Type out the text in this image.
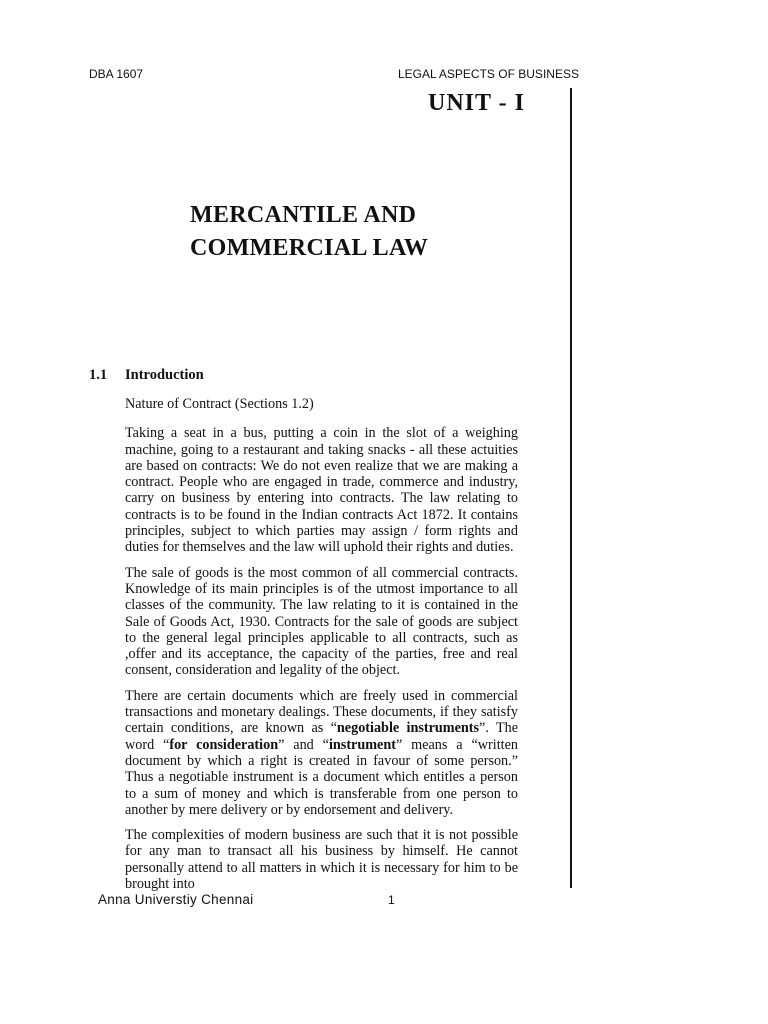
DBA 1607	LEGAL ASPECTS OF BUSINESS
UNIT - I
MERCANTILE AND
COMMERCIAL LAW
1.1 Introduction

Nature of Contract (Sections 1.2)

Taking a seat in a bus, putting a coin in the slot of a weighing machine, going to a restaurant and taking snacks - all these actuities are based on contracts: We do not even realize that we are making a contract. People who are engaged in trade, commerce and industry, carry on business by entering into contracts. The law relating to contracts is to be found in the Indian contracts Act 1872. It contains principles, subject to which parties may assign / form rights and duties for themselves and the law will uphold their rights and duties.

The sale of goods is the most common of all commercial contracts. Knowledge of its main principles is of the utmost importance to all classes of the community. The law relating to it is contained in the Sale of Goods Act, 1930. Contracts for the sale of goods are subject to the general legal principles applicable to all contracts, such as ,offer and its acceptance, the capacity of the parties, free and real consent, consideration and legality of the object.

There are certain documents which are freely used in commercial transactions and monetary dealings. These documents, if they satisfy certain conditions, are known as “negotiable instruments”. The word “for consideration” and “instrument” means a “written document by which a right is created in favour of some person.” Thus a negotiable instrument is a document which entitles a person to a sum of money and which is transferable from one person to another by mere delivery or by endorsement and delivery.

The complexities of modern business are such that it is not possible for any man to transact all his business by himself. He cannot personally attend to all matters in which it is necessary for him to be brought into

Anna Universtiy Chennai	1
